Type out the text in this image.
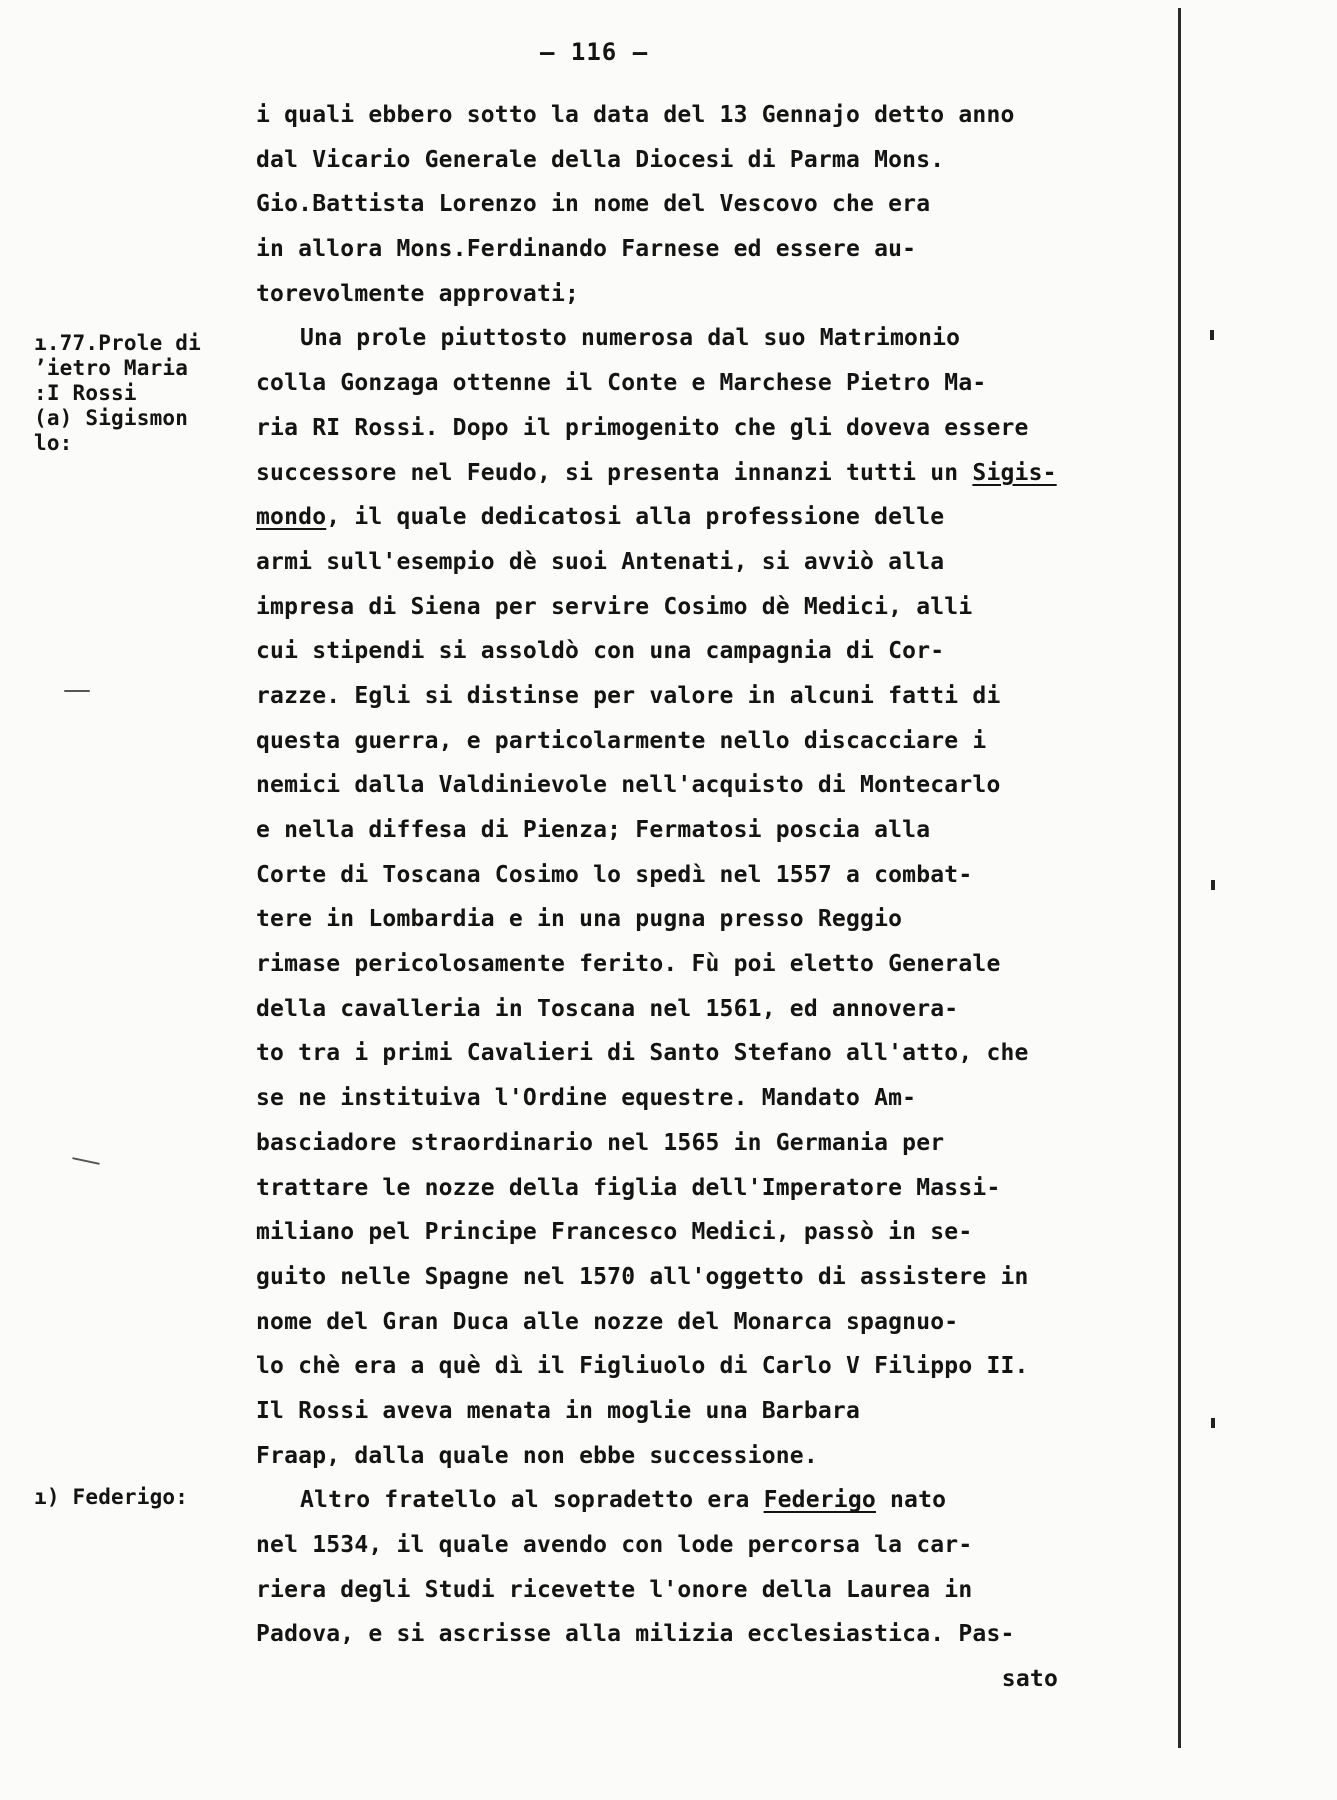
— 116 —
ı.77.Prole di
’ietro Maria
:I Rossi
(a) Sigismon
lo:
ı) Federigo:
i quali ebbero sotto la data del 13 Gennajo detto anno
dal Vicario Generale della Diocesi di Parma Mons.
Gio.Battista Lorenzo in nome del Vescovo che era
in allora Mons.Ferdinando Farnese ed essere au-
torevolmente approvati;
Una prole piuttosto numerosa dal suo Matrimonio
colla Gonzaga ottenne il Conte e Marchese Pietro Ma-
ria RI Rossi. Dopo il primogenito che gli doveva essere
successore nel Feudo, si presenta innanzi tutti un Sigis-
mondo, il quale dedicatosi alla professione delle
armi sull'esempio dè suoi Antenati, si avviò alla
impresa di Siena per servire Cosimo dè Medici, alli
cui stipendi si assoldò con una campagnia di Cor-
razze. Egli si distinse per valore in alcuni fatti di
questa guerra, e particolarmente nello discacciare i
nemici dalla Valdinievole nell'acquisto di Montecarlo
e nella diffesa di Pienza; Fermatosi poscia alla
Corte di Toscana Cosimo lo spedì nel 1557 a combat-
tere in Lombardia e in una pugna presso Reggio
rimase pericolosamente ferito. Fù poi eletto Generale
della cavalleria in Toscana nel 1561, ed annovera-
to tra i primi Cavalieri di Santo Stefano all'atto, che
se ne instituiva l'Ordine equestre. Mandato Am-
basciadore straordinario nel 1565 in Germania per
trattare le nozze della figlia dell'Imperatore Massi-
miliano pel Principe Francesco Medici, passò in se-
guito nelle Spagne nel 1570 all'oggetto di assistere in
nome del Gran Duca alle nozze del Monarca spagnuo-
lo chè era a què dì il Figliuolo di Carlo V Filippo II.
Il Rossi aveva menata in moglie una Barbara
Fraap, dalla quale non ebbe successione.
Altro fratello al sopradetto era Federigo nato
nel 1534, il quale avendo con lode percorsa la car-
riera degli Studi ricevette l'onore della Laurea in
Padova, e si ascrisse alla milizia ecclesiastica. Pas-
sato
